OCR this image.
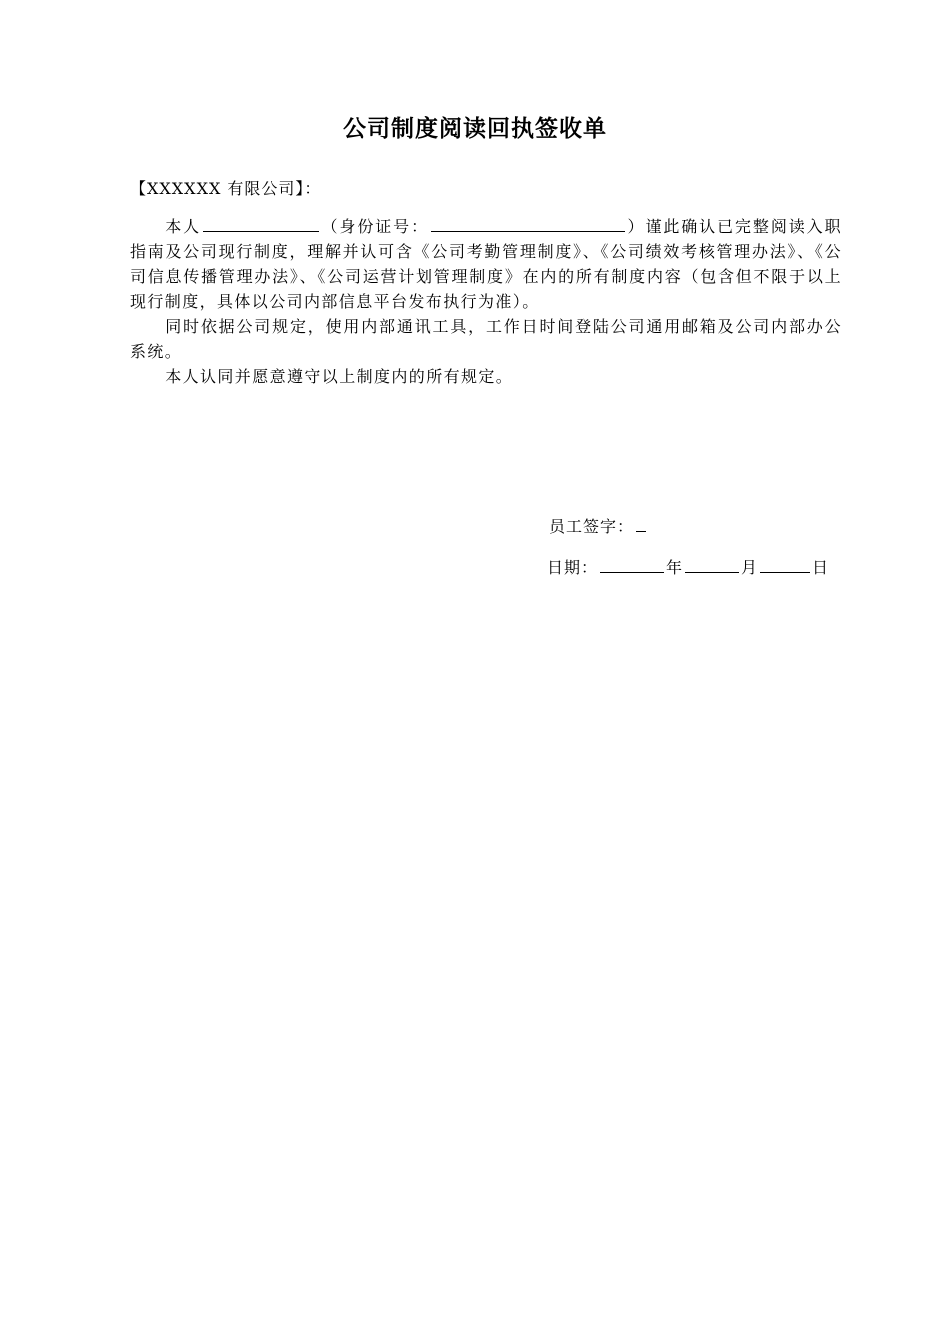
公司制度阅读回执签收单
【XXXXXX 有限公司】：

本人	（身份证号：	）谨此确认已完整阅读入职指南及公司现行制度，理解并认可含《公司考勤管理制度》、《公司绩效考核管理办法》、《公司信息传播管理办法》、《公司运营计划管理制度》在内的所有制度内容（包含但不限于以上现行制度，具体以公司内部信息平台发布执行为准）。

同时依据公司规定，使用内部通讯工具，工作日时间登陆公司通用邮箱及公司内部办公系统。

本人认同并愿意遵守以上制度内的所有规定。

员工签字：
日期：	年	月	日
